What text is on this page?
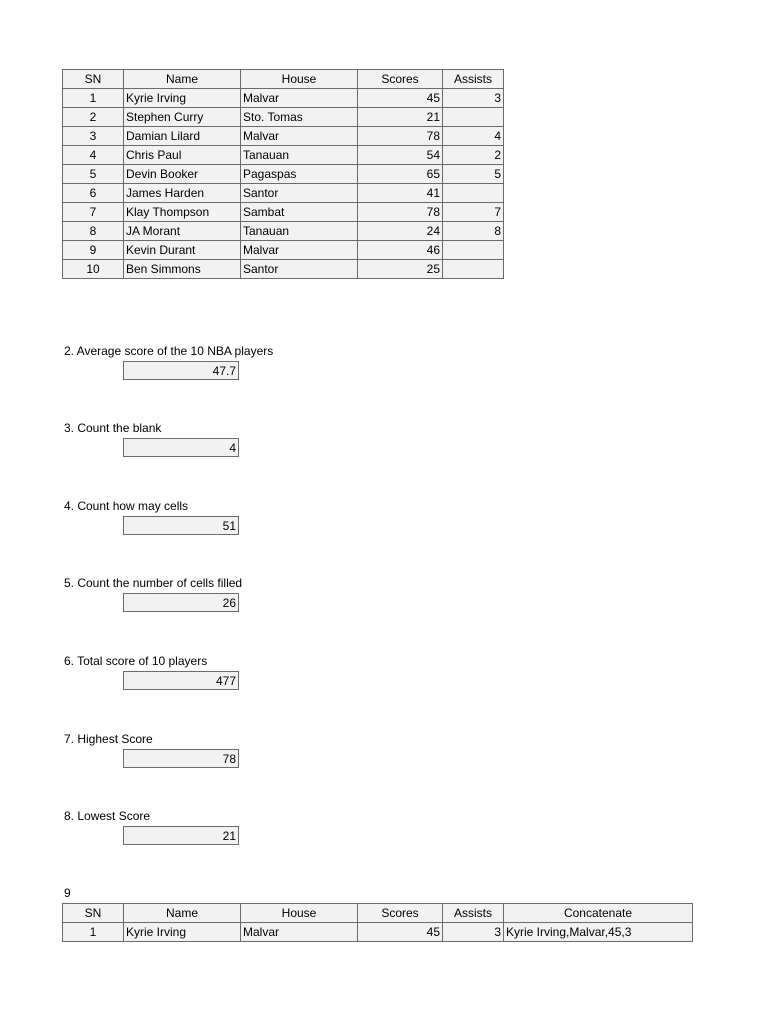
SN	Name	House	Scores	Assists
1	Kyrie Irving	Malvar	45	3
2	Stephen Curry	Sto. Tomas	21	
3	Damian Lilard	Malvar	78	4
4	Chris Paul	Tanauan	54	2
5	Devin Booker	Pagaspas	65	5
6	James Harden	Santor	41	
7	Klay Thompson	Sambat	78	7
8	JA Morant	Tanauan	24	8
9	Kevin Durant	Malvar	46	
10	Ben Simmons	Santor	25	
2. Average score of the 10 NBA players
47.7
3. Count the blank
4
4. Count how may cells
51
5. Count the number of cells filled
26
6. Total score of 10 players
477
7. Highest Score
78
8. Lowest Score
21
9
SN	Name	House	Scores	Assists	Concatenate
1	Kyrie Irving	Malvar	45	3	Kyrie Irving,Malvar,45,3
